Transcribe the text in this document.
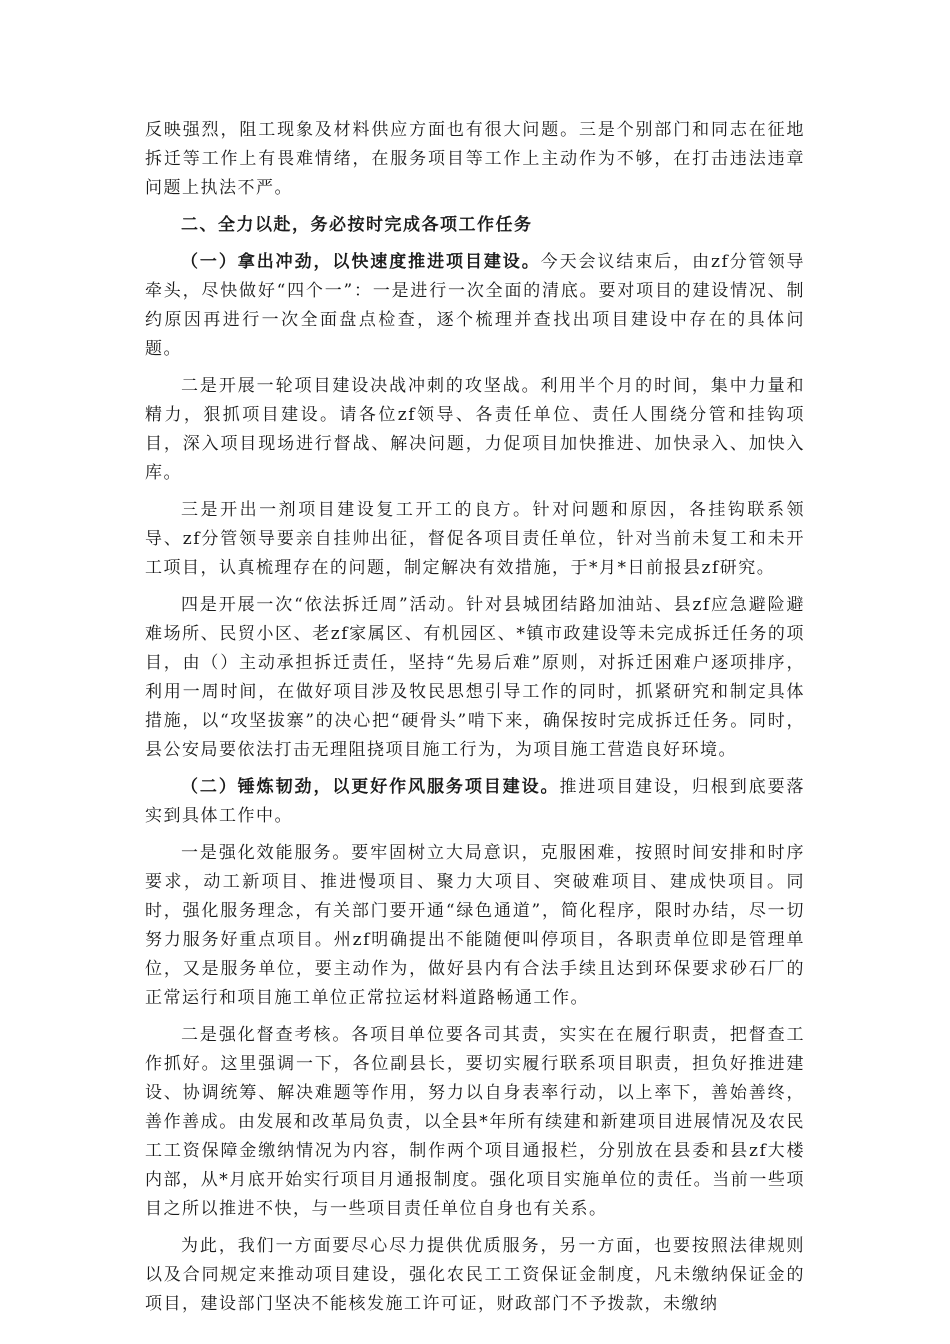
反映强烈，阻工现象及材料供应方面也有很大问题。三是个别部门和同志在征地拆迁等工作上有畏难情绪，在服务项目等工作上主动作为不够，在打击违法违章问题上执法不严。

二、全力以赴，务必按时完成各项工作任务

（一）拿出冲劲，以快速度推进项目建设。今天会议结束后，由zf分管领导牵头，尽快做好“四个一”：一是进行一次全面的清底。要对项目的建设情况、制约原因再进行一次全面盘点检查，逐个梳理并查找出项目建设中存在的具体问题。

二是开展一轮项目建设决战冲刺的攻坚战。利用半个月的时间，集中力量和精力，狠抓项目建设。请各位zf领导、各责任单位、责任人围绕分管和挂钩项目，深入项目现场进行督战、解决问题，力促项目加快推进、加快录入、加快入库。

三是开出一剂项目建设复工开工的良方。针对问题和原因，各挂钩联系领导、zf分管领导要亲自挂帅出征，督促各项目责任单位，针对当前未复工和未开工项目，认真梳理存在的问题，制定解决有效措施，于*月*日前报县zf研究。

四是开展一次“依法拆迁周”活动。针对县城团结路加油站、县zf应急避险避难场所、民贸小区、老zf家属区、有机园区、*镇市政建设等未完成拆迁任务的项目，由（）主动承担拆迁责任，坚持“先易后难”原则，对拆迁困难户逐项排序，利用一周时间，在做好项目涉及牧民思想引导工作的同时，抓紧研究和制定具体措施，以“攻坚拔寨”的决心把“硬骨头”啃下来，确保按时完成拆迁任务。同时，县公安局要依法打击无理阻挠项目施工行为，为项目施工营造良好环境。

（二）锤炼韧劲，以更好作风服务项目建设。推进项目建设，归根到底要落实到具体工作中。

一是强化效能服务。要牢固树立大局意识，克服困难，按照时间安排和时序要求，动工新项目、推进慢项目、聚力大项目、突破难项目、建成快项目。同时，强化服务理念，有关部门要开通“绿色通道”，简化程序，限时办结，尽一切努力服务好重点项目。州zf明确提出不能随便叫停项目，各职责单位即是管理单位，又是服务单位，要主动作为，做好县内有合法手续且达到环保要求砂石厂的正常运行和项目施工单位正常拉运材料道路畅通工作。

二是强化督查考核。各项目单位要各司其责，实实在在履行职责，把督查工作抓好。这里强调一下，各位副县长，要切实履行联系项目职责，担负好推进建设、协调统筹、解决难题等作用，努力以自身表率行动，以上率下，善始善终，善作善成。由发展和改革局负责，以全县*年所有续建和新建项目进展情况及农民工工资保障金缴纳情况为内容，制作两个项目通报栏，分别放在县委和县zf大楼内部，从*月底开始实行项目月通报制度。强化项目实施单位的责任。当前一些项目之所以推进不快，与一些项目责任单位自身也有关系。

为此，我们一方面要尽心尽力提供优质服务，另一方面，也要按照法律规则以及合同规定来推动项目建设，强化农民工工资保证金制度，凡未缴纳保证金的项目，建设部门坚决不能核发施工许可证，财政部门不予拨款，未缴纳
